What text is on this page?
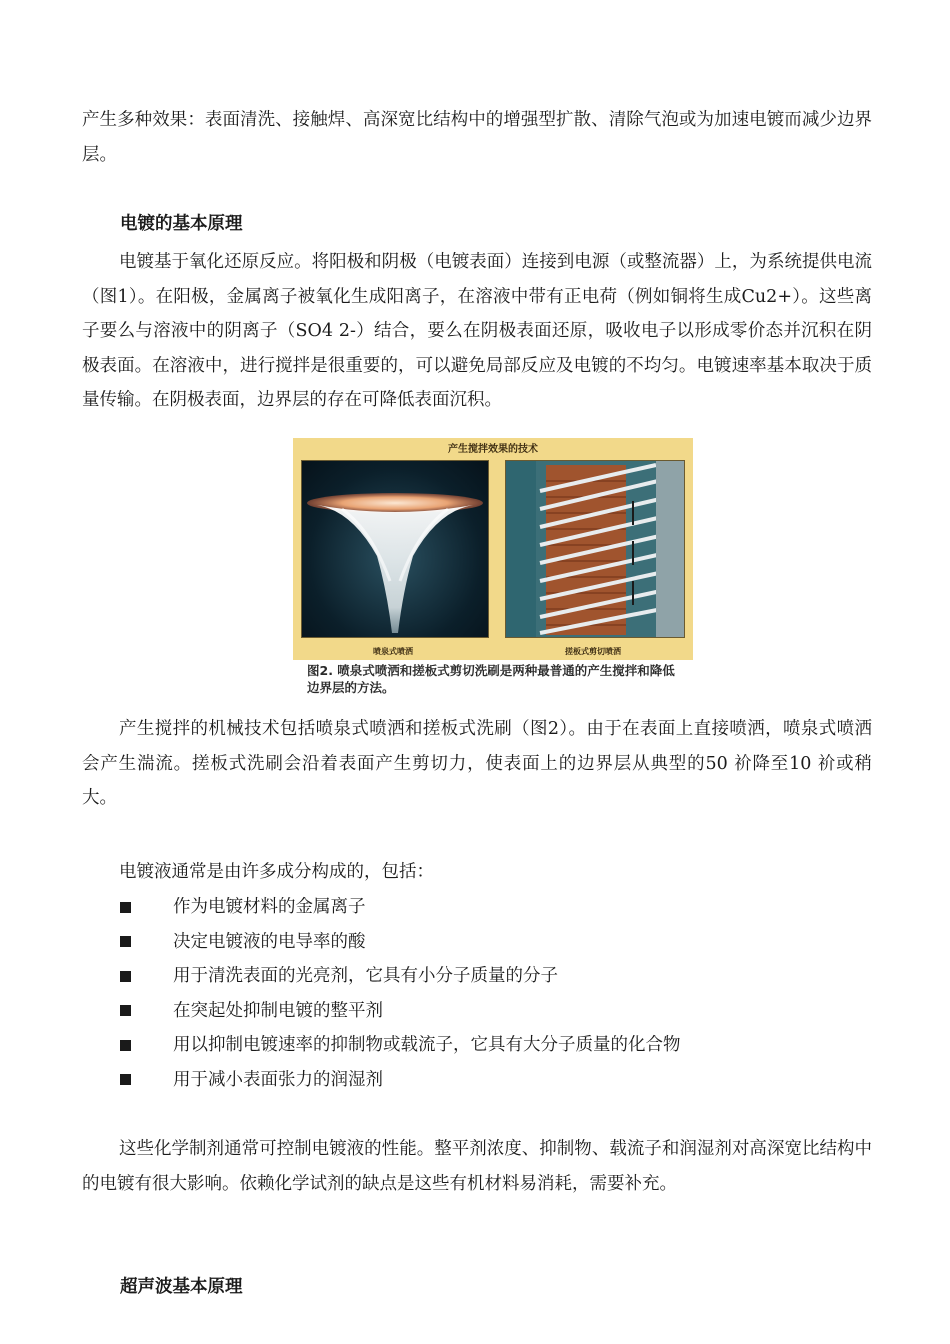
产生多种效果：表面清洗、接触焊、高深宽比结构中的增强型扩散、清除气泡或为加速电镀而减少边界层。

电镀的基本原理

电镀基于氧化还原反应。将阳极和阴极（电镀表面）连接到电源（或整流器）上，为系统提供电流（图1）。在阳极，金属离子被氧化生成阳离子，在溶液中带有正电荷（例如铜将生成Cu2+）。这些离子要么与溶液中的阴离子（SO4 2-）结合，要么在阴极表面还原，吸收电子以形成零价态并沉积在阴极表面。在溶液中，进行搅拌是很重要的，可以避免局部反应及电镀的不均匀。电镀速率基本取决于质量传输。在阴极表面，边界层的存在可降低表面沉积。

产生搅拌效果的技术
喷泉式喷洒	搓板式剪切喷洒
图2. 喷泉式喷洒和搓板式剪切洗刷是两种最普通的产生搅拌和降低边界层的方法。

产生搅拌的机械技术包括喷泉式喷洒和搓板式洗刷（图2）。由于在表面上直接喷洒，喷泉式喷洒会产生湍流。搓板式洗刷会沿着表面产生剪切力，使表面上的边界层从典型的50 祄降至10 祄或稍大。

电镀液通常是由许多成分构成的，包括：

作为电镀材料的金属离子
决定电镀液的电导率的酸
用于清洗表面的光亮剂，它具有小分子质量的分子
在突起处抑制电镀的整平剂
用以抑制电镀速率的抑制物或载流子，它具有大分子质量的化合物
用于减小表面张力的润湿剂

这些化学制剂通常可控制电镀液的性能。整平剂浓度、抑制物、载流子和润湿剂对高深宽比结构中的电镀有很大影响。依赖化学试剂的缺点是这些有机材料易消耗，需要补充。

超声波基本原理
